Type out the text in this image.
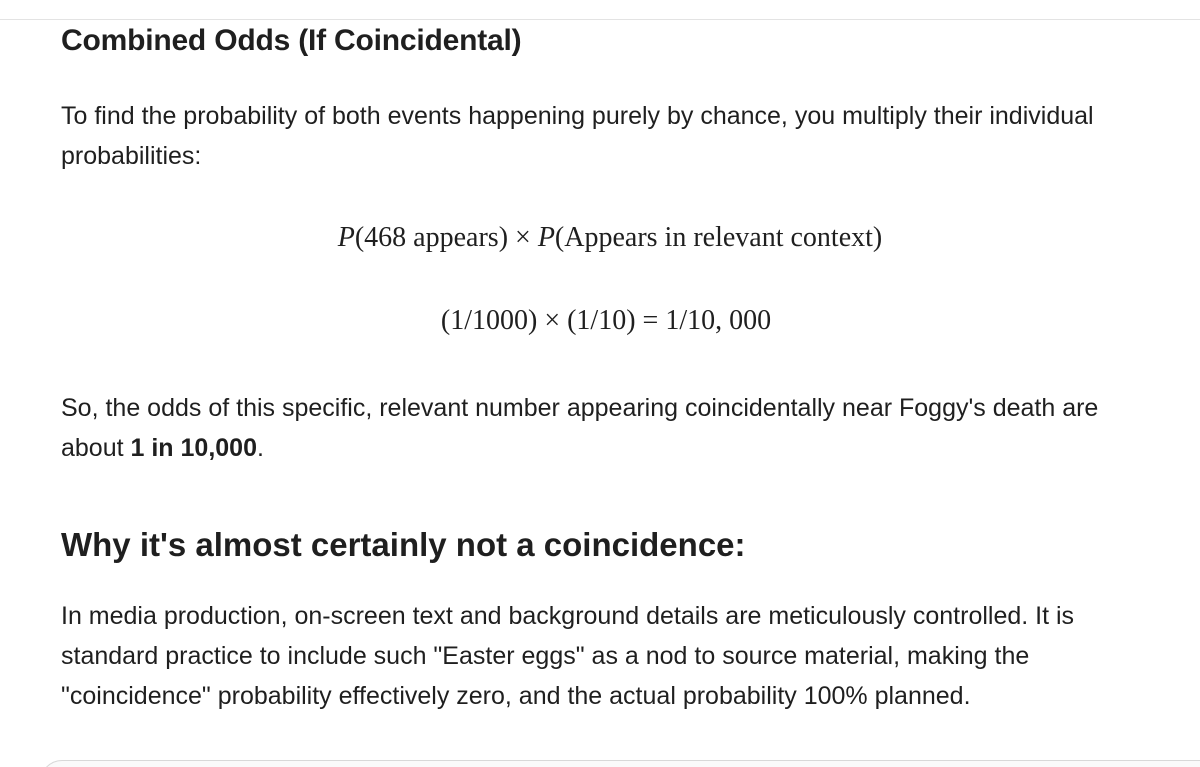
Combined Odds (If Coincidental)

To find the probability of both events happening purely by chance, you multiply their individual probabilities:

P(468 appears) × P(Appears in relevant context)
(1/1000) × (1/10) = 1/10, 000

So, the odds of this specific, relevant number appearing coincidentally near Foggy's death are about 1 in 10,000.

Why it's almost certainly not a coincidence:

In media production, on-screen text and background details are meticulously controlled. It is standard practice to include such "Easter eggs" as a nod to source material, making the "coincidence" probability effectively zero, and the actual probability 100% planned.
